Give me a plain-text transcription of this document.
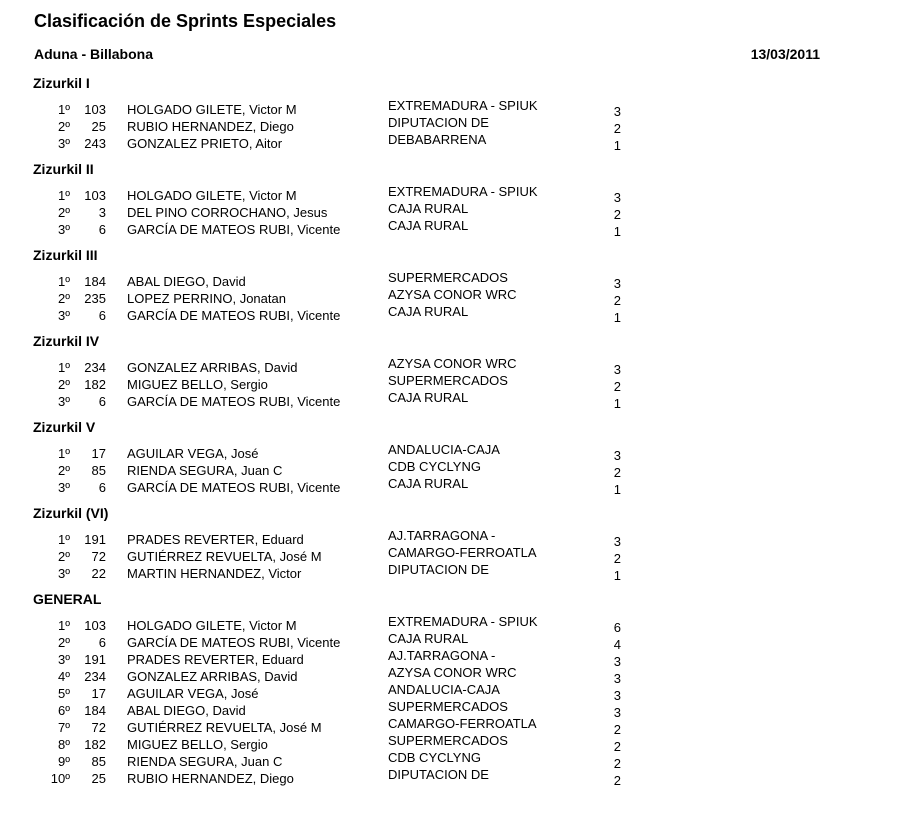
Clasificación de Sprints Especiales
Aduna - Billabona	13/03/2011
Zizurkil I
1º 103 HOLGADO GILETE, Victor M	EXTREMADURA - SPIUK	3
2º 25 RUBIO HERNANDEZ, Diego	DIPUTACION DE	2
3º 243 GONZALEZ PRIETO, Aitor	DEBABARRENA	1
Zizurkil II
1º 103 HOLGADO GILETE, Victor M	EXTREMADURA - SPIUK	3
2º 3 DEL PINO CORROCHANO, Jesus	CAJA RURAL	2
3º 6 GARCÍA DE MATEOS RUBI, Vicente	CAJA RURAL	1
Zizurkil III
1º 184 ABAL DIEGO, David	SUPERMERCADOS	3
2º 235 LOPEZ PERRINO, Jonatan	AZYSA CONOR WRC	2
3º 6 GARCÍA DE MATEOS RUBI, Vicente	CAJA RURAL	1
Zizurkil IV
1º 234 GONZALEZ ARRIBAS, David	AZYSA CONOR WRC	3
2º 182 MIGUEZ BELLO, Sergio	SUPERMERCADOS	2
3º 6 GARCÍA DE MATEOS RUBI, Vicente	CAJA RURAL	1
Zizurkil V
1º 17 AGUILAR VEGA, José	ANDALUCIA-CAJA	3
2º 85 RIENDA SEGURA, Juan C	CDB CYCLYNG	2
3º 6 GARCÍA DE MATEOS RUBI, Vicente	CAJA RURAL	1
Zizurkil (VI)
1º 191 PRADES REVERTER, Eduard	AJ.TARRAGONA -	3
2º 72 GUTIÉRREZ REVUELTA, José M	CAMARGO-FERROATLA	2
3º 22 MARTIN HERNANDEZ, Victor	DIPUTACION DE	1
GENERAL
1º 103 HOLGADO GILETE, Victor M	EXTREMADURA - SPIUK	6
2º 6 GARCÍA DE MATEOS RUBI, Vicente	CAJA RURAL	4
3º 191 PRADES REVERTER, Eduard	AJ.TARRAGONA -	3
4º 234 GONZALEZ ARRIBAS, David	AZYSA CONOR WRC	3
5º 17 AGUILAR VEGA, José	ANDALUCIA-CAJA	3
6º 184 ABAL DIEGO, David	SUPERMERCADOS	3
7º 72 GUTIÉRREZ REVUELTA, José M	CAMARGO-FERROATLA	2
8º 182 MIGUEZ BELLO, Sergio	SUPERMERCADOS	2
9º 85 RIENDA SEGURA, Juan C	CDB CYCLYNG	2
10º 25 RUBIO HERNANDEZ, Diego	DIPUTACION DE	2
